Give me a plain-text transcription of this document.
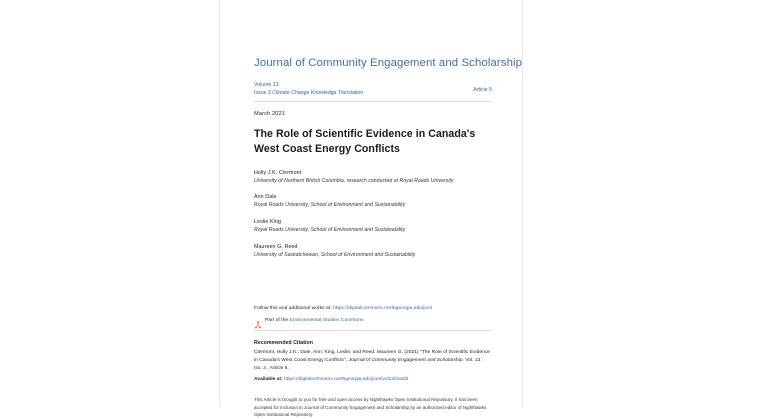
Journal of Community Engagement and Scholarship
Volume 13
Issue 3 Climate Change Knowledge Translation
Article 5
March 2021
The Role of Scientific Evidence in Canada's West Coast Energy Conflicts
Holly J.K. Clermont
University of Northern British Columbia, research conducted at Royal Roads University
Ann Dale
Royal Roads University, School of Environment and Sustainability
Leslie King
Royal Roads University, School of Environment and Sustainability
Maureen G. Reed
University of Saskatchewan, School of Environment and Sustainability
Follow this and additional works at: https://digitalcommons.northgeorgia.edu/jces
Part of the Environmental Studies Commons
Recommended Citation
Clermont, Holly J.K.; Dale, Ann; King, Leslie; and Reed, Maureen G. (2021) "The Role of Scientific Evidence in Canada's West Coast Energy Conflicts", Journal of Community Engagement and Scholarship: Vol. 13 : Iss. 3 , Article 5.
Available at: https://digitalcommons.northgeorgia.edu/jces/vol13/iss3/5
This Article is brought to you for free and open access by Nighthawks Open Institutional Repository. It has been accepted for inclusion in Journal of Community Engagement and Scholarship by an authorized editor of Nighthawks Open Institutional Repository.
